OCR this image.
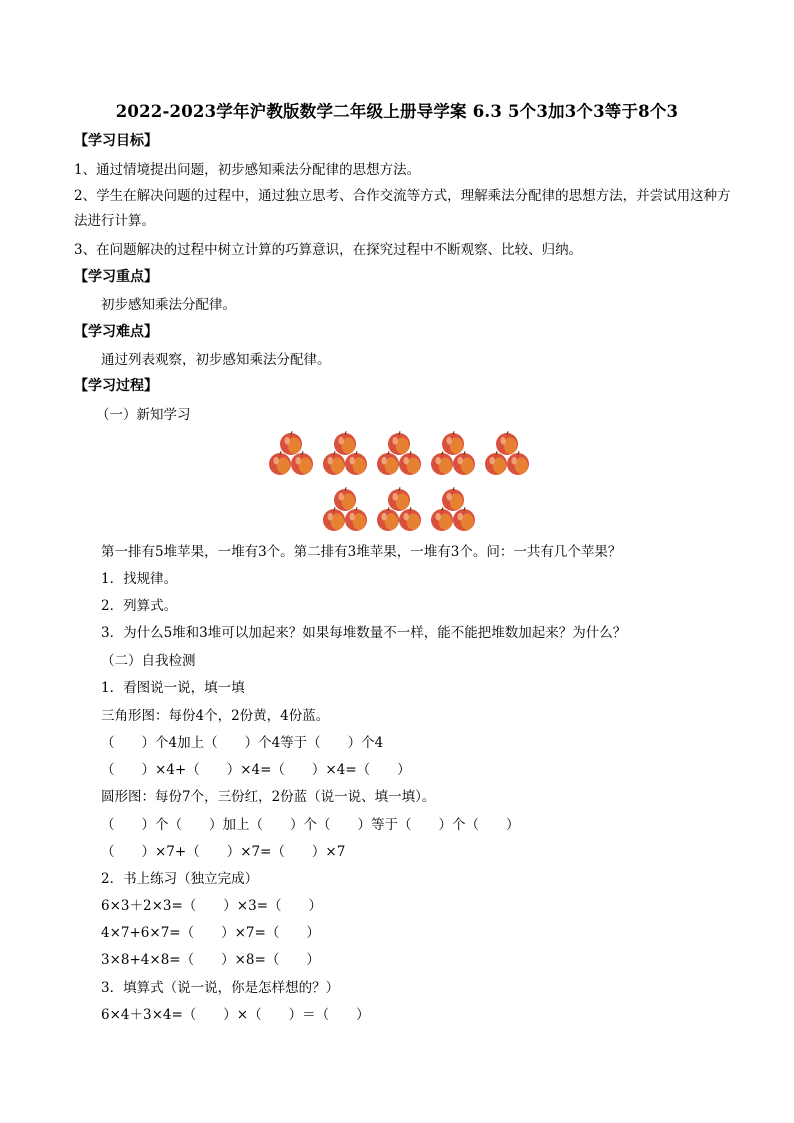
2022-2023学年沪教版数学二年级上册导学案 6.3 5个3加3个3等于8个3
【学习目标】
1、通过情境提出问题，初步感知乘法分配律的思想方法。
2、学生在解决问题的过程中，通过独立思考、合作交流等方式，理解乘法分配律的思想方法，并尝试用这种方法进行计算。
3、在问题解决的过程中树立计算的巧算意识，在探究过程中不断观察、比较、归纳。
【学习重点】
初步感知乘法分配律。
【学习难点】
通过列表观察，初步感知乘法分配律。
【学习过程】
（一）新知学习
第一排有5堆苹果，一堆有3个。第二排有3堆苹果，一堆有3个。问：一共有几个苹果？
1．找规律。
2．列算式。
3．为什么5堆和3堆可以加起来？如果每堆数量不一样，能不能把堆数加起来？为什么？
（二）自我检测
1．看图说一说，填一填
三角形图：每份4个，2份黄，4份蓝。
（　　）个4加上（　　）个4等于（　　）个4
（　　）×4+（　　）×4=（　　）×4=（　　）
圆形图：每份7个，三份红，2份蓝（说一说、填一填）。
（　　）个（　　）加上（　　）个（　　）等于（　　）个（　　）
（　　）×7+（　　）×7=（　　）×7
2．书上练习（独立完成）
6×3＋2×3=（　　）×3=（　　）
4×7+6×7=（　　）×7=（　　）
3×8+4×8=（　　）×8=（　　）
3．填算式（说一说，你是怎样想的？）
6×4＋3×4=（　　）×（　　）＝（　　）
